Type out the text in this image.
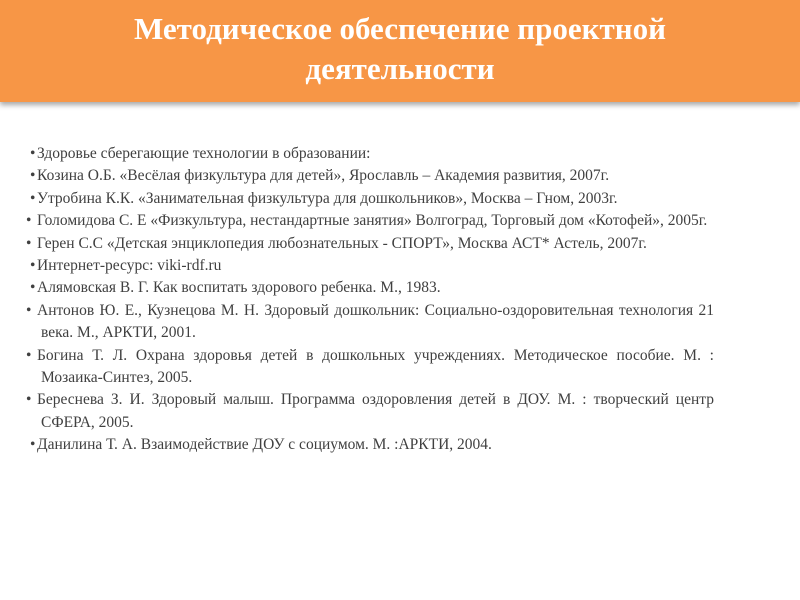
Методическое обеспечение проектной деятельности
• Здоровье сберегающие технологии в образовании:
• Козина О.Б. «Весёлая физкультура для детей», Ярославль – Академия развития, 2007г.
• Утробина К.К. «Занимательная физкультура для дошкольников», Москва – Гном, 2003г.
• Голомидова С. Е «Физкультура, нестандартные занятия» Волгоград, Торговый дом «Котофей», 2005г.
• Герен С.С «Детская энциклопедия любознательных - СПОРТ», Москва АСТ* Астель, 2007г.
• Интернет-ресурс: viki-rdf.ru
• Алямовская В. Г. Как воспитать здорового ребенка. М., 1983.
• Антонов Ю. Е., Кузнецова М. Н. Здоровый дошкольник: Социально-оздоровительная технология 21 века. М., АРКТИ, 2001.
• Богина Т. Л. Охрана здоровья детей в дошкольных учреждениях. Методическое пособие. М. : Мозаика-Синтез, 2005.
• Береснева З. И. Здоровый малыш. Программа оздоровления детей в ДОУ. М. : творческий центр СФЕРА, 2005.
• Данилина Т. А. Взаимодействие ДОУ с социумом. М. :АРКТИ, 2004.
